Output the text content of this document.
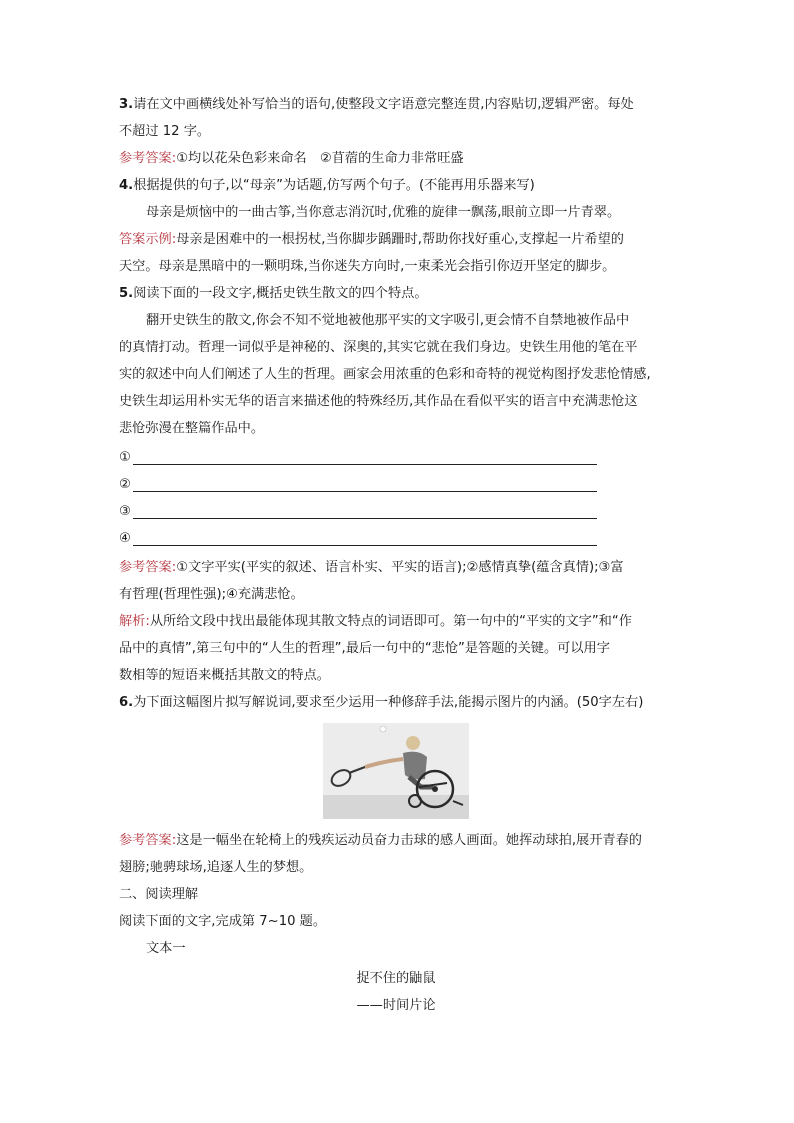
3.请在文中画横线处补写恰当的语句,使整段文字语意完整连贯,内容贴切,逻辑严密。每处
不超过 12 字。
参考答案:①均以花朵色彩来命名　②苜蓿的生命力非常旺盛
4.根据提供的句子,以“母亲”为话题,仿写两个句子。(不能再用乐器来写)
母亲是烦恼中的一曲古筝,当你意志消沉时,优雅的旋律一飘荡,眼前立即一片青翠。
答案示例:母亲是困难中的一根拐杖,当你脚步踽跚时,帮助你找好重心,支撑起一片希望的
天空。母亲是黑暗中的一颗明珠,当你迷失方向时,一束柔光会指引你迈开坚定的脚步。
5.阅读下面的一段文字,概括史铁生散文的四个特点。
翻开史铁生的散文,你会不知不觉地被他那平实的文字吸引,更会情不自禁地被作品中
的真情打动。哲理一词似乎是神秘的、深奥的,其实它就在我们身边。史铁生用他的笔在平
实的叙述中向人们阐述了人生的哲理。画家会用浓重的色彩和奇特的视觉构图抒发悲怆情感,
史铁生却运用朴实无华的语言来描述他的特殊经历,其作品在看似平实的语言中充满悲怆这
悲怆弥漫在整篇作品中。
①
②
③
④
参考答案:①文字平实(平实的叙述、语言朴实、平实的语言);②感情真挚(蕴含真情);③富
有哲理(哲理性强);④充满悲怆。
解析:从所给文段中找出最能体现其散文特点的词语即可。第一句中的“平实的文字”和“作
品中的真情”,第三句中的“人生的哲理”,最后一句中的“悲怆”是答题的关键。可以用字
数相等的短语来概括其散文的特点。
6.为下面这幅图片拟写解说词,要求至少运用一种修辞手法,能揭示图片的内涵。(50字左右)
参考答案:这是一幅坐在轮椅上的残疾运动员奋力击球的感人画面。她挥动球拍,展开青春的
翅膀;驰骋球场,追逐人生的梦想。
二、阅读理解
阅读下面的文字,完成第 7~10 题。
文本一
捉不住的鼬鼠
——时间片论
